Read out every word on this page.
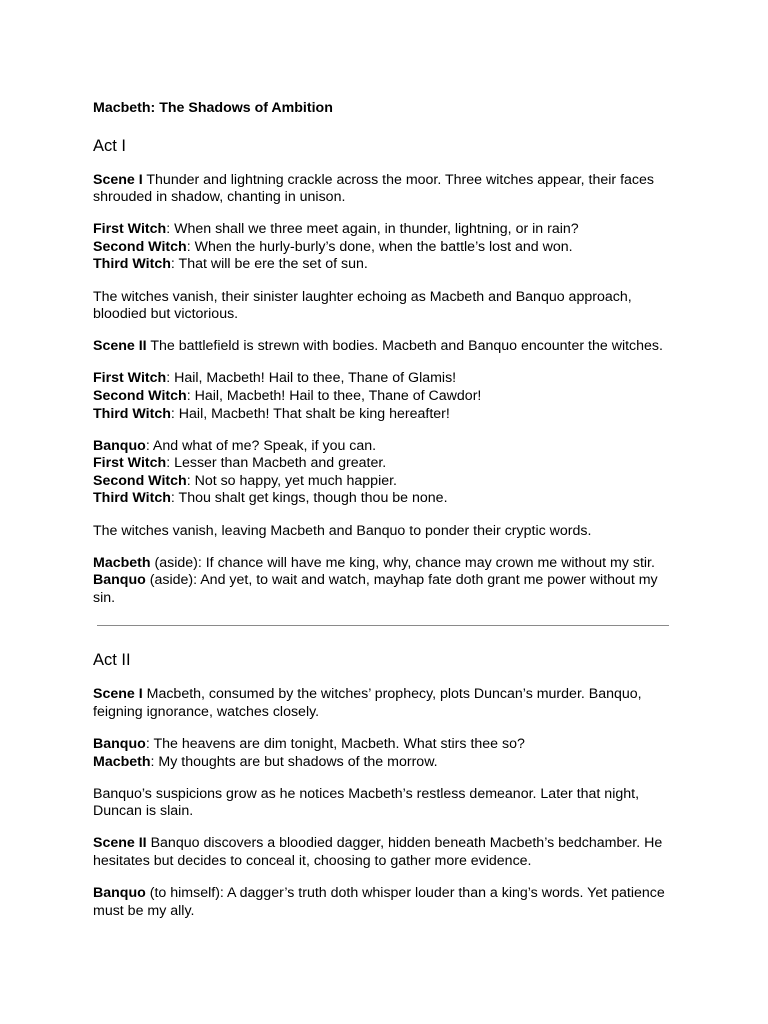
Macbeth: The Shadows of Ambition
Act I

Scene I Thunder and lightning crackle across the moor. Three witches appear, their faces shrouded in shadow, chanting in unison.

First Witch: When shall we three meet again, in thunder, lightning, or in rain?
Second Witch: When the hurly-burly’s done, when the battle’s lost and won.
Third Witch: That will be ere the set of sun.

The witches vanish, their sinister laughter echoing as Macbeth and Banquo approach, bloodied but victorious.

Scene II The battlefield is strewn with bodies. Macbeth and Banquo encounter the witches.

First Witch: Hail, Macbeth! Hail to thee, Thane of Glamis!
Second Witch: Hail, Macbeth! Hail to thee, Thane of Cawdor!
Third Witch: Hail, Macbeth! That shalt be king hereafter!

Banquo: And what of me? Speak, if you can.
First Witch: Lesser than Macbeth and greater.
Second Witch: Not so happy, yet much happier.
Third Witch: Thou shalt get kings, though thou be none.

The witches vanish, leaving Macbeth and Banquo to ponder their cryptic words.

Macbeth (aside): If chance will have me king, why, chance may crown me without my stir.
Banquo (aside): And yet, to wait and watch, mayhap fate doth grant me power without my sin.

Act II

Scene I Macbeth, consumed by the witches’ prophecy, plots Duncan’s murder. Banquo, feigning ignorance, watches closely.

Banquo: The heavens are dim tonight, Macbeth. What stirs thee so?
Macbeth: My thoughts are but shadows of the morrow.

Banquo’s suspicions grow as he notices Macbeth’s restless demeanor. Later that night, Duncan is slain.

Scene II Banquo discovers a bloodied dagger, hidden beneath Macbeth’s bedchamber. He hesitates but decides to conceal it, choosing to gather more evidence.

Banquo (to himself): A dagger’s truth doth whisper louder than a king’s words. Yet patience must be my ally.
